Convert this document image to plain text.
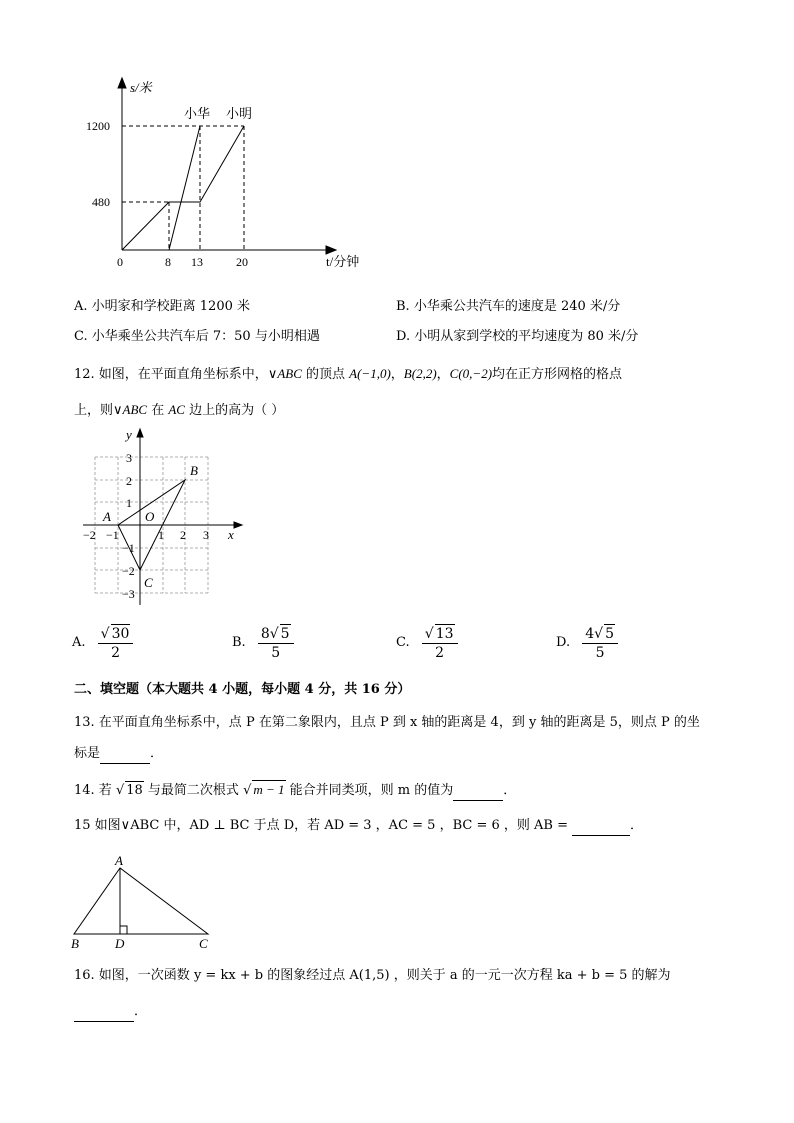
s/米
1200
480
0	8 13	20	t/分钟
小华 小明
A. 小明家和学校距离 1200 米	B. 小华乘公共汽车的速度是 240 米/分
C. 小华乘坐公共汽车后 7：50 与小明相遇	D. 小明从家到学校的平均速度为 80 米/分
12. 如图，在平面直角坐标系中，∨ABC 的顶点 A(−1,0)，B(2,2)，C(0,−2)均在正方形网格的格点
上，则∨ABC 在 AC 边上的高为（ ）
x
y
−2 −1	1 2 3
3
2
1
−1
−2
−3
O
A
B
C
A. $\frac{√ 30}{2}$	B. $\frac{8√ 5}{5}$	C. $\frac{√ 13}{2}$	D. $\frac{4√ 5}{5}$
二、填空题（本大题共 4 小题，每小题 4 分，共 16 分）
13. 在平面直角坐标系中，点 P 在第二象限内，且点 P 到 x 轴的距离是 4，到 y 轴的距离是 5，则点 P 的坐
标是	．
14. 若 √ 18 与最简二次根式 √ m − 1 能合并同类项，则 m 的值为	．
15 如图∨ABC 中，AD ⊥ BC 于点 D，若 AD = 3 ，AC = 5 ，BC = 6 ，则 AB =	．
A
B	D	C
16. 如图，一次函数 y = kx + b 的图象经过点 A(1,5) ，则关于 a 的一元一次方程 ka + b = 5 的解为
．
